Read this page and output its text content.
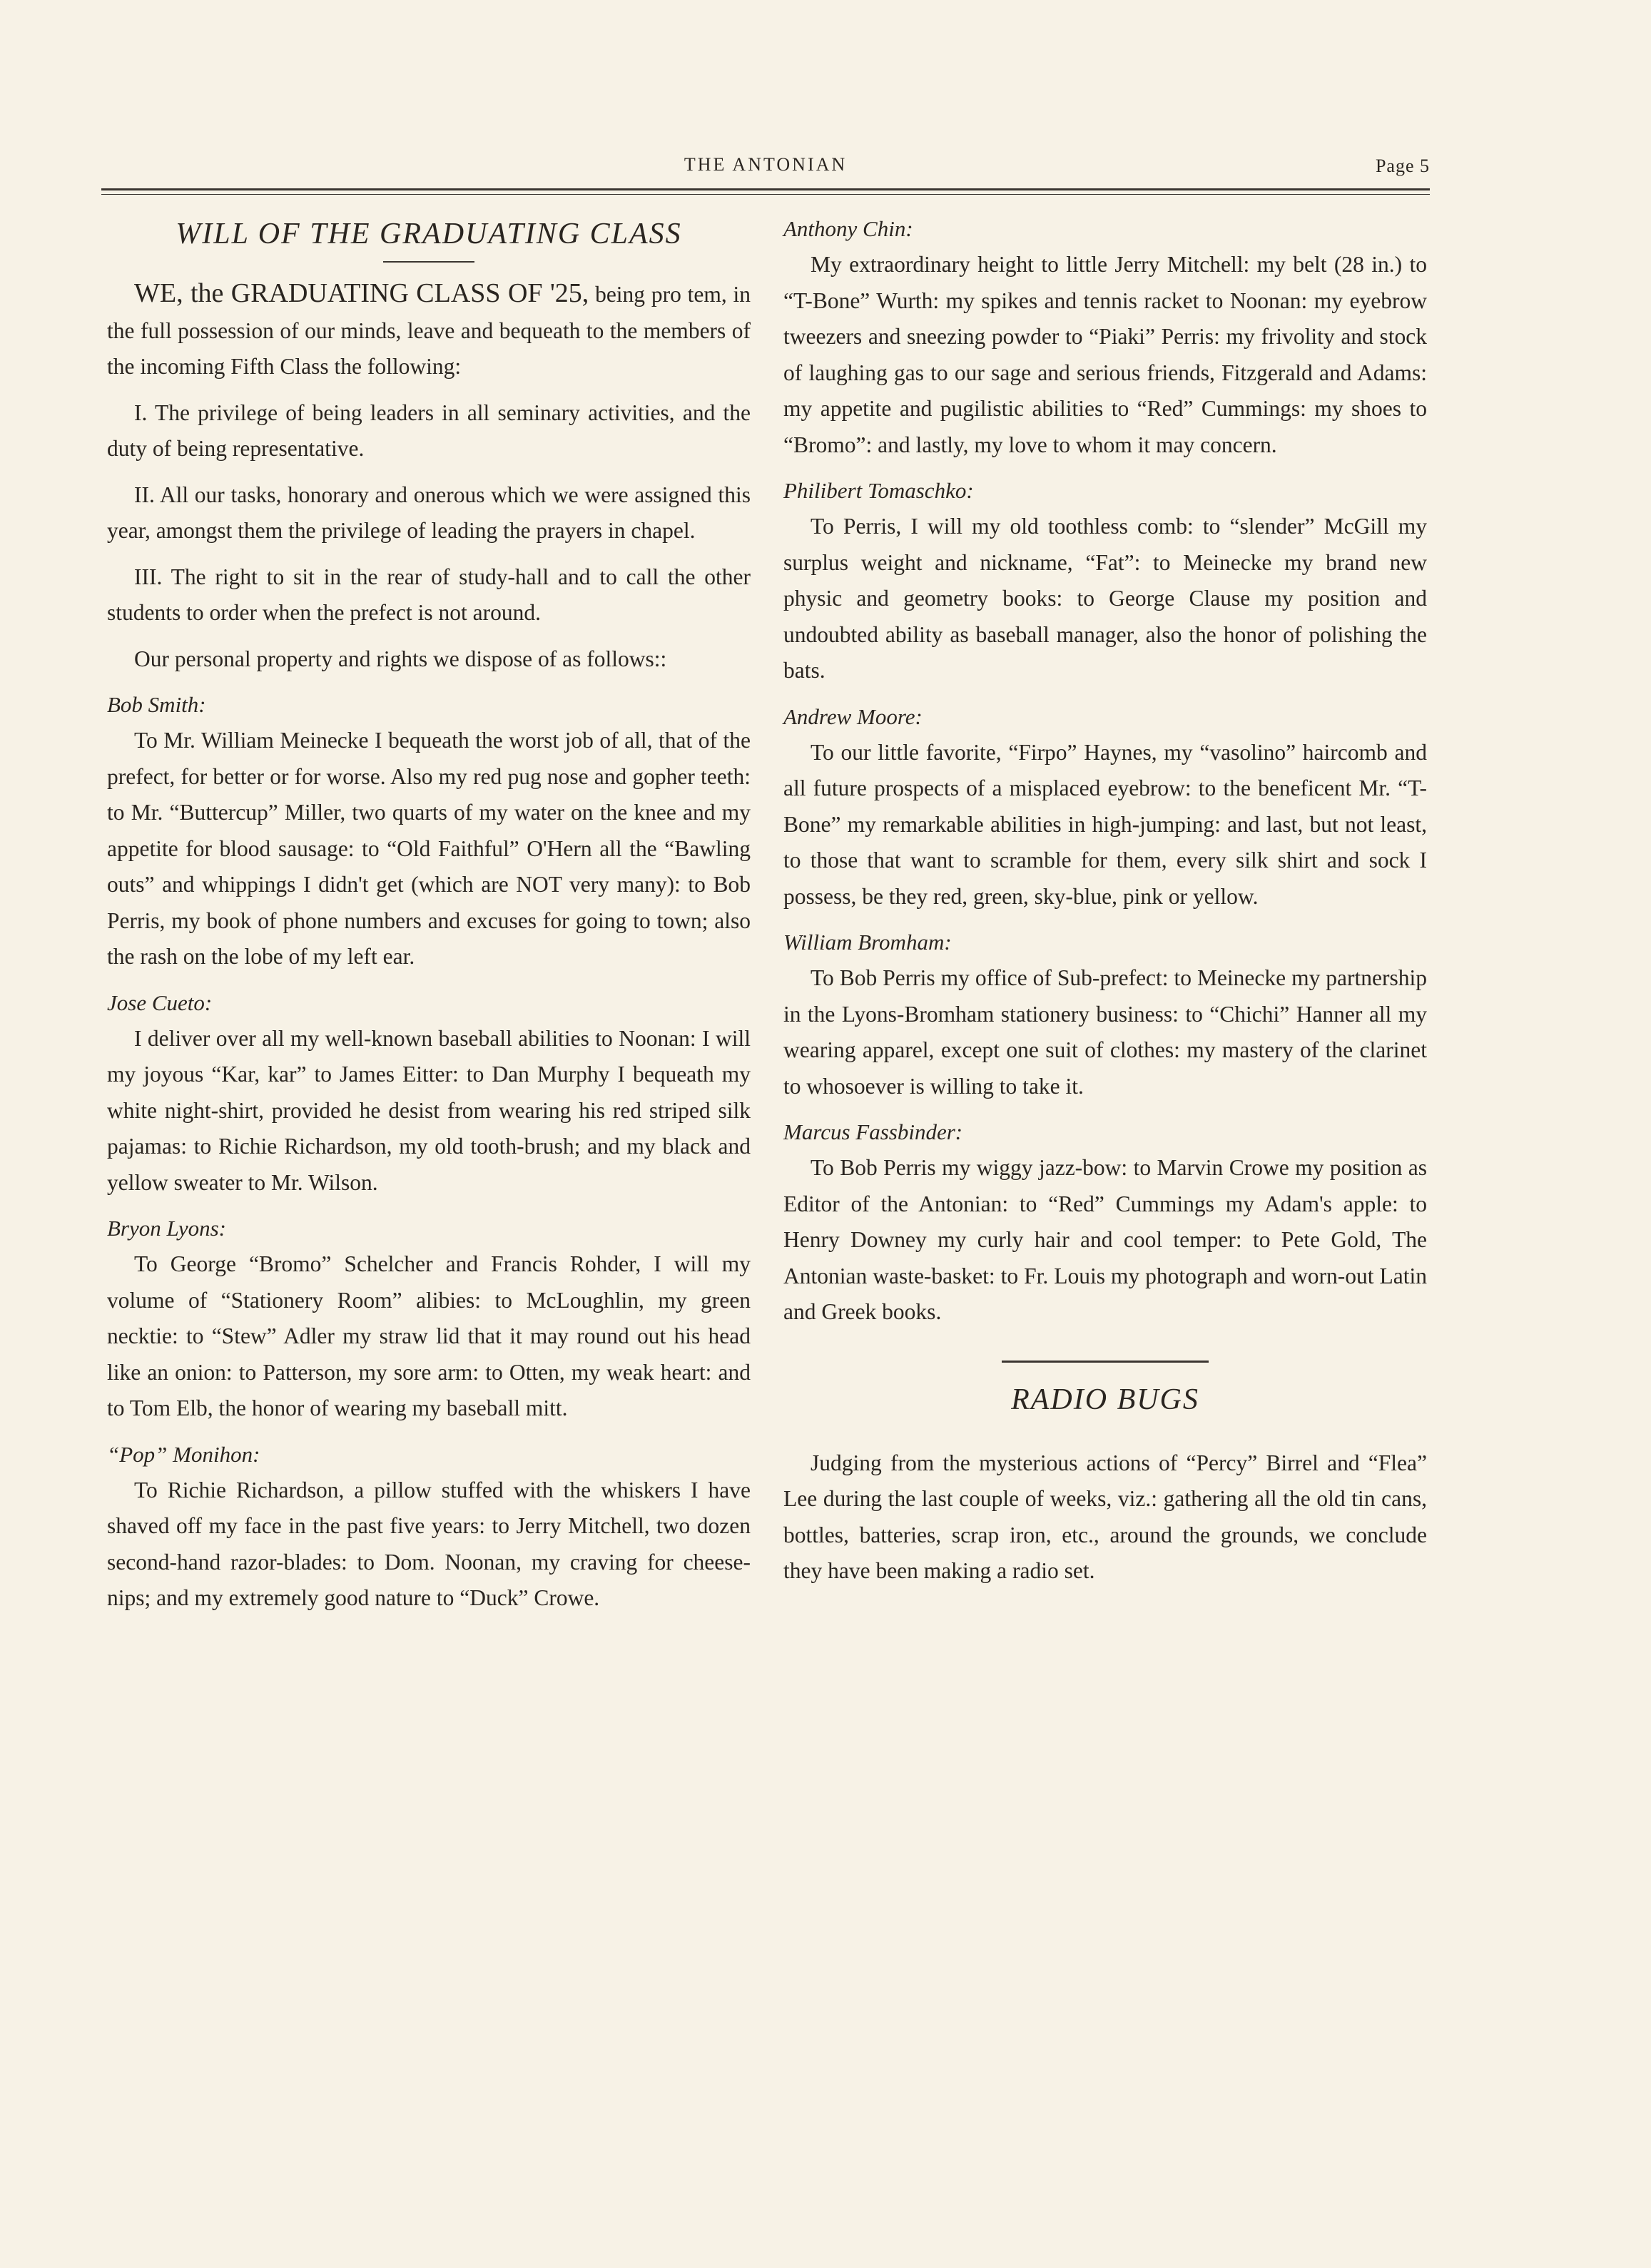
THE ANTONIAN	Page 5
WILL OF THE GRADUATING CLASS

WE, the GRADUATING CLASS OF '25, being pro tem, in the full possession of our minds, leave and bequeath to the members of the incoming Fifth Class the following:

I. The privilege of being leaders in all seminary activities, and the duty of being representative.

II. All our tasks, honorary and onerous which we were assigned this year, amongst them the privilege of leading the prayers in chapel.

III. The right to sit in the rear of study-hall and to call the other students to order when the prefect is not around.

Our personal property and rights we dispose of as follows::

Bob Smith:

To Mr. William Meinecke I bequeath the worst job of all, that of the prefect, for better or for worse. Also my red pug nose and gopher teeth: to Mr. “Buttercup” Miller, two quarts of my water on the knee and my appetite for blood sausage: to “Old Faithful” O'Hern all the “Bawling outs” and whippings I didn't get (which are NOT very many): to Bob Perris, my book of phone numbers and excuses for going to town; also the rash on the lobe of my left ear.

Jose Cueto:

I deliver over all my well-known baseball abilities to Noonan: I will my joyous “Kar, kar” to James Eitter: to Dan Murphy I bequeath my white night-shirt, provided he desist from wearing his red striped silk pajamas: to Richie Richardson, my old tooth-brush; and my black and yellow sweater to Mr. Wilson.

Bryon Lyons:

To George “Bromo” Schelcher and Francis Rohder, I will my volume of “Stationery Room” alibies: to McLoughlin, my green necktie: to “Stew” Adler my straw lid that it may round out his head like an onion: to Patterson, my sore arm: to Otten, my weak heart: and to Tom Elb, the honor of wearing my baseball mitt.

“Pop” Monihon:

To Richie Richardson, a pillow stuffed with the whiskers I have shaved off my face in the past five years: to Jerry Mitchell, two dozen second-hand razor-blades: to Dom. Noonan, my craving for cheese-nips; and my extremely good nature to “Duck” Crowe.

Anthony Chin:

My extraordinary height to little Jerry Mitchell: my belt (28 in.) to “T-Bone” Wurth: my spikes and tennis racket to Noonan: my eyebrow tweezers and sneezing powder to “Piaki” Perris: my frivolity and stock of laughing gas to our sage and serious friends, Fitzgerald and Adams: my appetite and pugilistic abilities to “Red” Cummings: my shoes to “Bromo”: and lastly, my love to whom it may concern.

Philibert Tomaschko:

To Perris, I will my old toothless comb: to “slender” McGill my surplus weight and nickname, “Fat”: to Meinecke my brand new physic and geometry books: to George Clause my position and undoubted ability as baseball manager, also the honor of polishing the bats.

Andrew Moore:

To our little favorite, “Firpo” Haynes, my “vasolino” haircomb and all future prospects of a misplaced eyebrow: to the beneficent Mr. “T-Bone” my remarkable abilities in high-jumping: and last, but not least, to those that want to scramble for them, every silk shirt and sock I possess, be they red, green, sky-blue, pink or yellow.

William Bromham:

To Bob Perris my office of Sub-prefect: to Meinecke my partnership in the Lyons-Bromham stationery business: to “Chichi” Hanner all my wearing apparel, except one suit of clothes: my mastery of the clarinet to whosoever is willing to take it.

Marcus Fassbinder:

To Bob Perris my wiggy jazz-bow: to Marvin Crowe my position as Editor of the Antonian: to “Red” Cummings my Adam's apple: to Henry Downey my curly hair and cool temper: to Pete Gold, The Antonian waste-basket: to Fr. Louis my photograph and worn-out Latin and Greek books.

RADIO BUGS

Judging from the mysterious actions of “Percy” Birrel and “Flea” Lee during the last couple of weeks, viz.: gathering all the old tin cans, bottles, batteries, scrap iron, etc., around the grounds, we conclude they have been making a radio set.
